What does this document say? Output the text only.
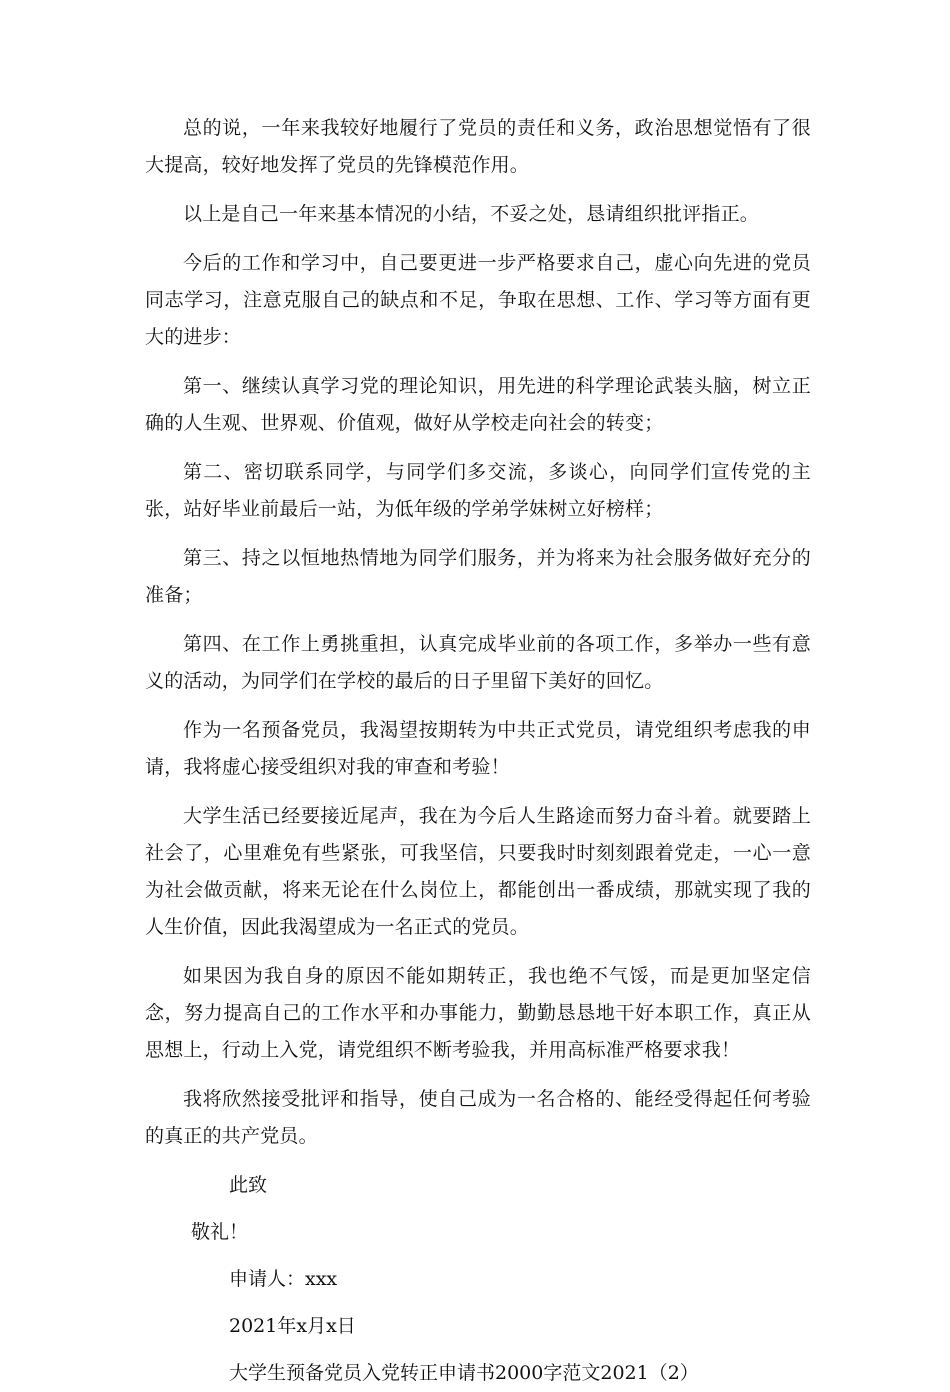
总的说，一年来我较好地履行了党员的责任和义务，政治思想觉悟有了很大提高，较好地发挥了党员的先锋模范作用。

以上是自己一年来基本情况的小结，不妥之处，恳请组织批评指正。

今后的工作和学习中，自己要更进一步严格要求自己，虚心向先进的党员同志学习，注意克服自己的缺点和不足，争取在思想、工作、学习等方面有更大的进步：

第一、继续认真学习党的理论知识，用先进的科学理论武装头脑，树立正确的人生观、世界观、价值观，做好从学校走向社会的转变；

第二、密切联系同学，与同学们多交流，多谈心，向同学们宣传党的主张，站好毕业前最后一站，为低年级的学弟学妹树立好榜样；

第三、持之以恒地热情地为同学们服务，并为将来为社会服务做好充分的准备；

第四、在工作上勇挑重担，认真完成毕业前的各项工作，多举办一些有意义的活动，为同学们在学校的最后的日子里留下美好的回忆。

作为一名预备党员，我渴望按期转为中共正式党员，请党组织考虑我的申请，我将虚心接受组织对我的审查和考验！

大学生活已经要接近尾声，我在为今后人生路途而努力奋斗着。就要踏上社会了，心里难免有些紧张，可我坚信，只要我时时刻刻跟着党走，一心一意为社会做贡献，将来无论在什么岗位上，都能创出一番成绩，那就实现了我的人生价值，因此我渴望成为一名正式的党员。

如果因为我自身的原因不能如期转正，我也绝不气馁，而是更加坚定信念，努力提高自己的工作水平和办事能力，勤勤恳恳地干好本职工作，真正从思想上，行动上入党，请党组织不断考验我，并用高标准严格要求我！

我将欣然接受批评和指导，使自己成为一名合格的、能经受得起任何考验的真正的共产党员。

此致

敬礼！

申请人：xxx

2021年x月x日

大学生预备党员入党转正申请书2000字范文2021（2）
